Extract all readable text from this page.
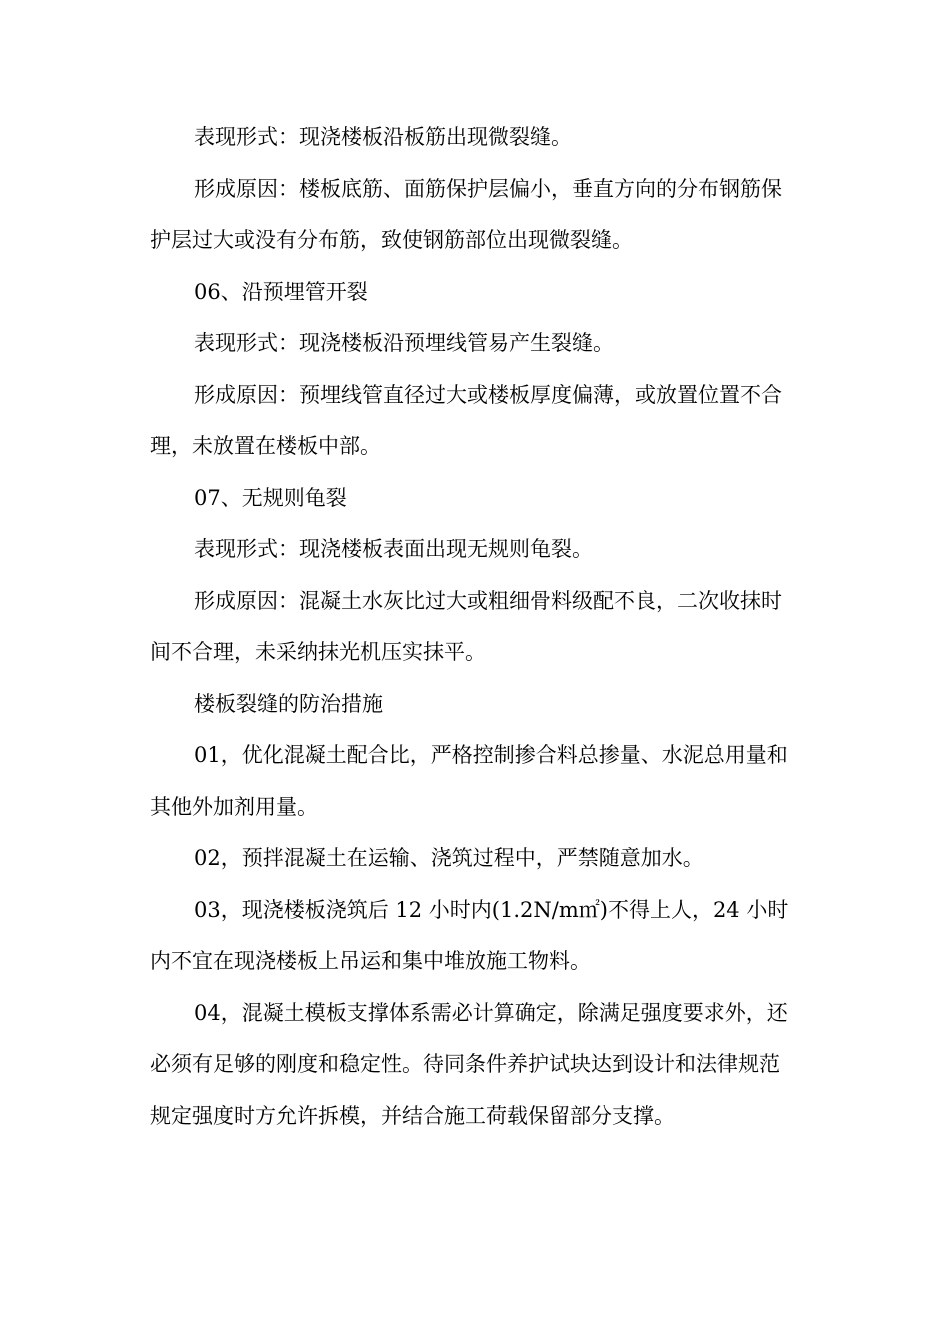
表现形式：现浇楼板沿板筋出现微裂缝。

形成原因：楼板底筋、面筋保护层偏小，垂直方向的分布钢筋保护层过大或没有分布筋，致使钢筋部位出现微裂缝。

06、沿预埋管开裂

表现形式：现浇楼板沿预埋线管易产生裂缝。

形成原因：预埋线管直径过大或楼板厚度偏薄，或放置位置不合理，未放置在楼板中部。

07、无规则龟裂

表现形式：现浇楼板表面出现无规则龟裂。

形成原因：混凝土水灰比过大或粗细骨料级配不良，二次收抹时间不合理，未采纳抹光机压实抹平。

楼板裂缝的防治措施

01，优化混凝土配合比，严格控制掺合料总掺量、水泥总用量和其他外加剂用量。

02，预拌混凝土在运输、浇筑过程中，严禁随意加水。

03，现浇楼板浇筑后 12 小时内(1.2N/m㎡)不得上人，24 小时内不宜在现浇楼板上吊运和集中堆放施工物料。

04，混凝土模板支撑体系需必计算确定，除满足强度要求外，还必须有足够的刚度和稳定性。待同条件养护试块达到设计和法律规范规定强度时方允许拆模，并结合施工荷载保留部分支撑。
